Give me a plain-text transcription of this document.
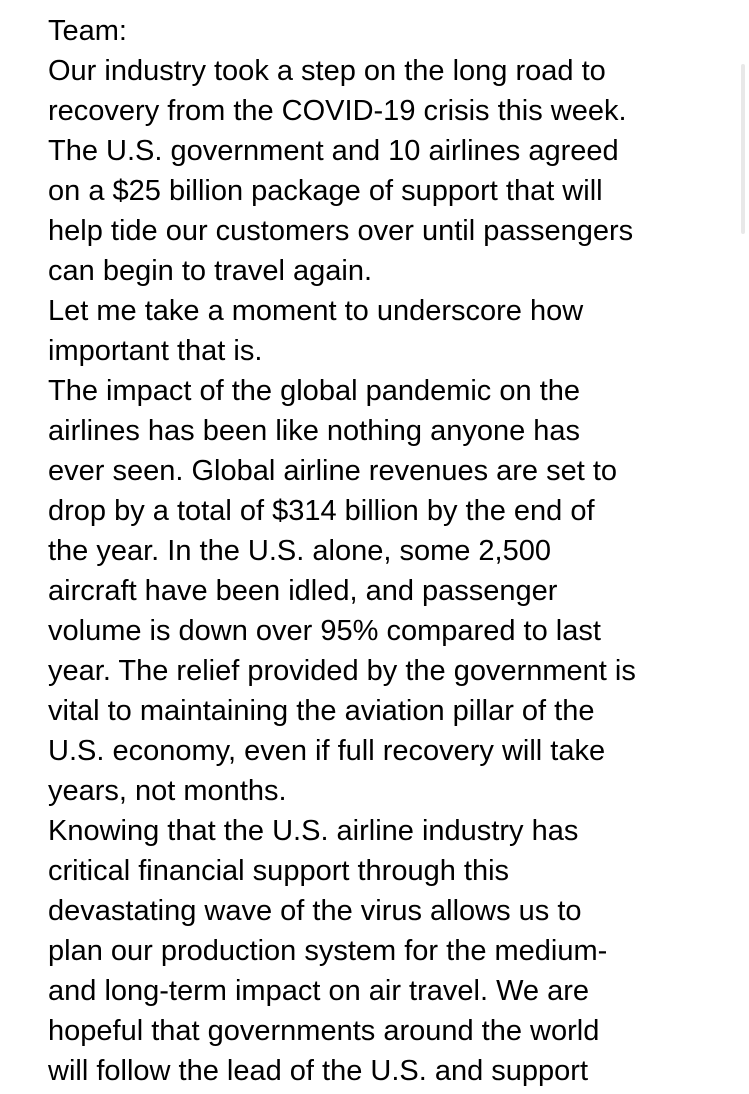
Team:
Our industry took a step on the long road to
recovery from the COVID-19 crisis this week.
The U.S. government and 10 airlines agreed
on a $25 billion package of support that will
help tide our customers over until passengers
can begin to travel again.
Let me take a moment to underscore how
important that is.
The impact of the global pandemic on the
airlines has been like nothing anyone has
ever seen. Global airline revenues are set to
drop by a total of $314 billion by the end of
the year. In the U.S. alone, some 2,500
aircraft have been idled, and passenger
volume is down over 95% compared to last
year. The relief provided by the government is
vital to maintaining the aviation pillar of the
U.S. economy, even if full recovery will take
years, not months.
Knowing that the U.S. airline industry has
critical financial support through this
devastating wave of the virus allows us to
plan our production system for the medium-
and long-term impact on air travel. We are
hopeful that governments around the world
will follow the lead of the U.S. and support
